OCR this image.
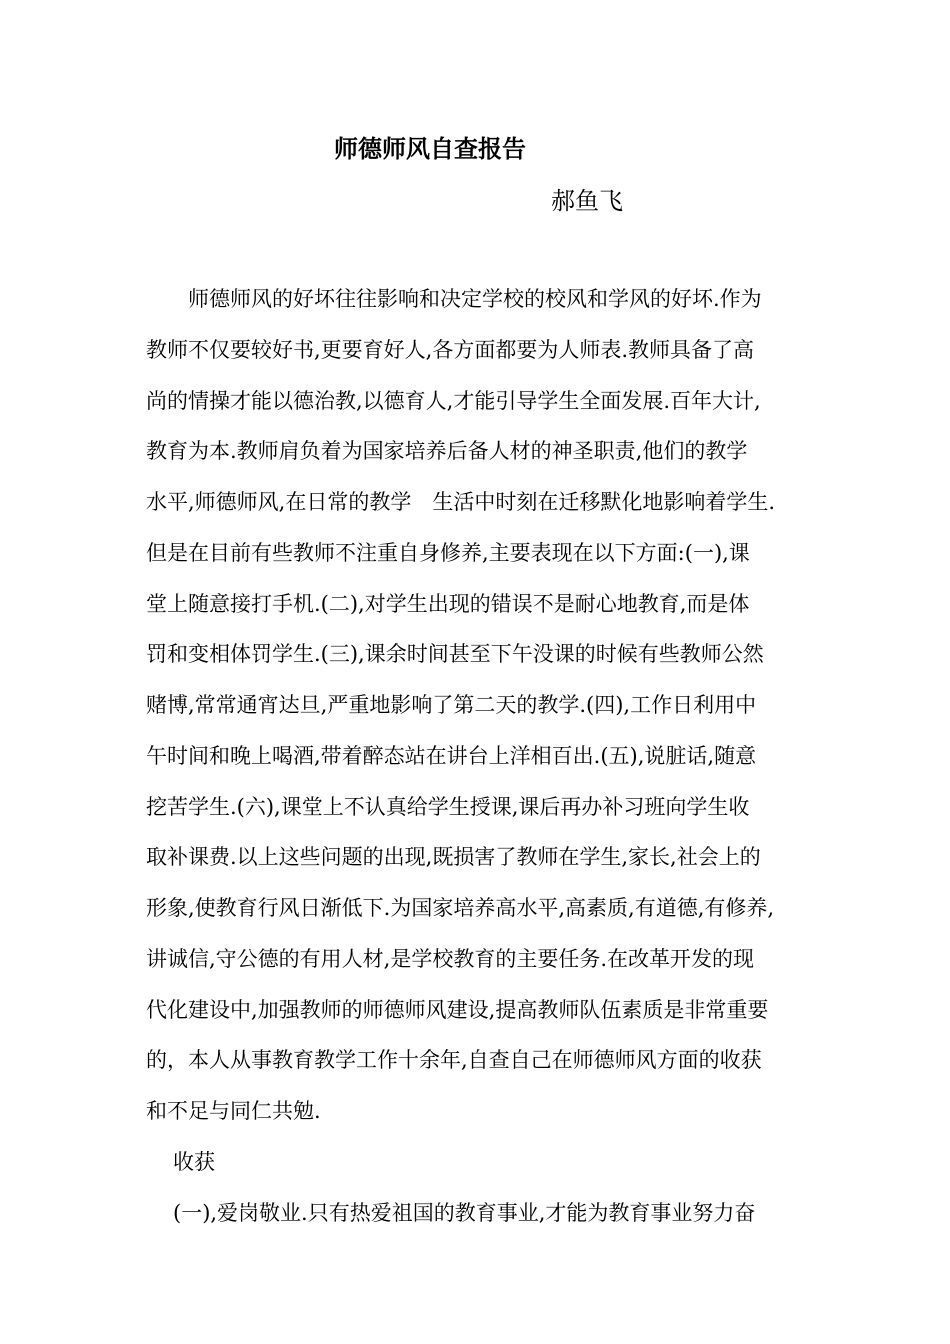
师德师风自查报告
郝鱼飞
师德师风的好坏往往影响和决定学校的校风和学风的好坏.作为
教师不仅要较好书,更要育好人,各方面都要为人师表.教师具备了高
尚的情操才能以德治教,以德育人,才能引导学生全面发展.百年大计,
教育为本.教师肩负着为国家培养后备人材的神圣职责,他们的教学
水平,师德师风,在日常的教学　生活中时刻在迁移默化地影响着学生.
但是在目前有些教师不注重自身修养,主要表现在以下方面:(一),课
堂上随意接打手机.(二),对学生出现的错误不是耐心地教育,而是体
罚和变相体罚学生.(三),课余时间甚至下午没课的时候有些教师公然
赌博,常常通宵达旦,严重地影响了第二天的教学.(四),工作日利用中
午时间和晚上喝酒,带着醉态站在讲台上洋相百出.(五),说脏话,随意
挖苦学生.(六),课堂上不认真给学生授课,课后再办补习班向学生收
取补课费.以上这些问题的出现,既损害了教师在学生,家长,社会上的
形象,使教育行风日渐低下.为国家培养高水平,高素质,有道德,有修养,
讲诚信,守公德的有用人材,是学校教育的主要任务.在改革开发的现
代化建设中,加强教师的师德师风建设,提高教师队伍素质是非常重要
的，本人从事教育教学工作十余年,自查自己在师德师风方面的收获
和不足与同仁共勉.
收获
(一),爱岗敬业.只有热爱祖国的教育事业,才能为教育事业努力奋
